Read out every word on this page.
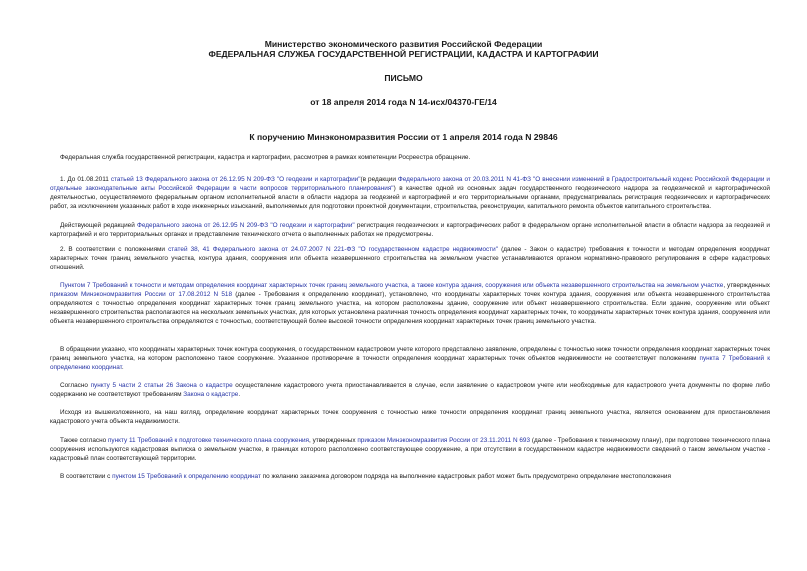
Министерство экономического развития Российской Федерации

ФЕДЕРАЛЬНАЯ СЛУЖБА ГОСУДАРСТВЕННОЙ РЕГИСТРАЦИИ, КАДАСТРА И КАРТОГРАФИИ

ПИСЬМО

от 18 апреля 2014 года N 14-исх/04370-ГЕ/14

К поручению Минэкономразвития России от 1 апреля 2014 года N 29846

Федеральная служба государственной регистрации, кадастра и картографии, рассмотрев в рамках компетенции Росреестра обращение.

1. До 01.08.2011 статьей 13 Федерального закона от 26.12.95 N 209-ФЗ "О геодезии и картографии"(в редакции Федерального закона от 20.03.2011 N 41-ФЗ "О внесении изменений в Градостроительный кодекс Российской Федерации и отдельные законодательные акты Российской Федерации в части вопросов территориального планирования") в качестве одной из основных задач государственного геодезического надзора за геодезической и картографической деятельностью, осуществляемого федеральным органом исполнительной власти в области надзора за геодезией и картографией и его территориальными органами, предусматривалась регистрация геодезических и картографических работ, за исключением указанных работ в ходе инженерных изысканий, выполняемых для подготовки проектной документации, строительства, реконструкции, капитального ремонта объектов капитального строительства.

Действующей редакцией Федерального закона от 26.12.95 N 209-ФЗ "О геодезии и картографии" регистрация геодезических и картографических работ в федеральном органе исполнительной власти в области надзора за геодезией и картографией и его территориальных органах и представление технического отчета о выполненных работах не предусмотрены.

2. В соответствии с положениями статей 38, 41 Федерального закона от 24.07.2007 N 221-ФЗ "О государственном кадастре недвижимости" (далее - Закон о кадастре) требования к точности и методам определения координат характерных точек границ земельного участка, контура здания, сооружения или объекта незавершенного строительства на земельном участке устанавливаются органом нормативно-правового регулирования в сфере кадастровых отношений.

Пунктом 7 Требований к точности и методам определения координат характерных точек границ земельного участка, а также контура здания, сооружения или объекта незавершенного строительства на земельном участке, утвержденных приказом Минэкономразвития России от 17.08.2012 N 518 (далее - Требования к определению координат), установлено, что координаты характерных точек контура здания, сооружения или объекта незавершенного строительства определяются с точностью определения координат характерных точек границ земельного участка, на котором расположены здание, сооружение или объект незавершенного строительства. Если здание, сооружение или объект незавершенного строительства располагаются на нескольких земельных участках, для которых установлена различная точность определения координат характерных точек, то координаты характерных точек контура здания, сооружения или объекта незавершенного строительства определяются с точностью, соответствующей более высокой точности определения координат характерных точек границ земельного участка.

В обращении указано, что координаты характерных точек контура сооружения, о государственном кадастровом учете которого представлено заявление, определены с точностью ниже точности определения координат характерных точек границ земельного участка, на котором расположено такое сооружение. Указанное противоречие в точности определения координат характерных точек объектов недвижимости не соответствует положениям пункта 7 Требований к определению координат.

Согласно пункту 5 части 2 статьи 26 Закона о кадастре осуществление кадастрового учета приостанавливается в случае, если заявление о кадастровом учете или необходимые для кадастрового учета документы по форме либо содержанию не соответствуют требованиям Закона о кадастре.

Исходя из вышеизложенного, на наш взгляд, определение координат характерных точек сооружения с точностью ниже точности определения координат границ земельного участка, является основанием для приостановления кадастрового учета объекта недвижимости.

Также согласно пункту 11 Требований к подготовке технического плана сооружения, утвержденных приказом Минэкономразвития России от 23.11.2011 N 693 (далее - Требования к техническому плану), при подготовке технического плана сооружения используются кадастровая выписка о земельном участке, в границах которого расположено соответствующее сооружение, а при отсутствии в государственном кадастре недвижимости сведений о таком земельном участке - кадастровый план соответствующей территории.

В соответствии с пунктом 15 Требований к определению координат по желанию заказчика договором подряда на выполнение кадастровых работ может быть предусмотрено определение местоположения
